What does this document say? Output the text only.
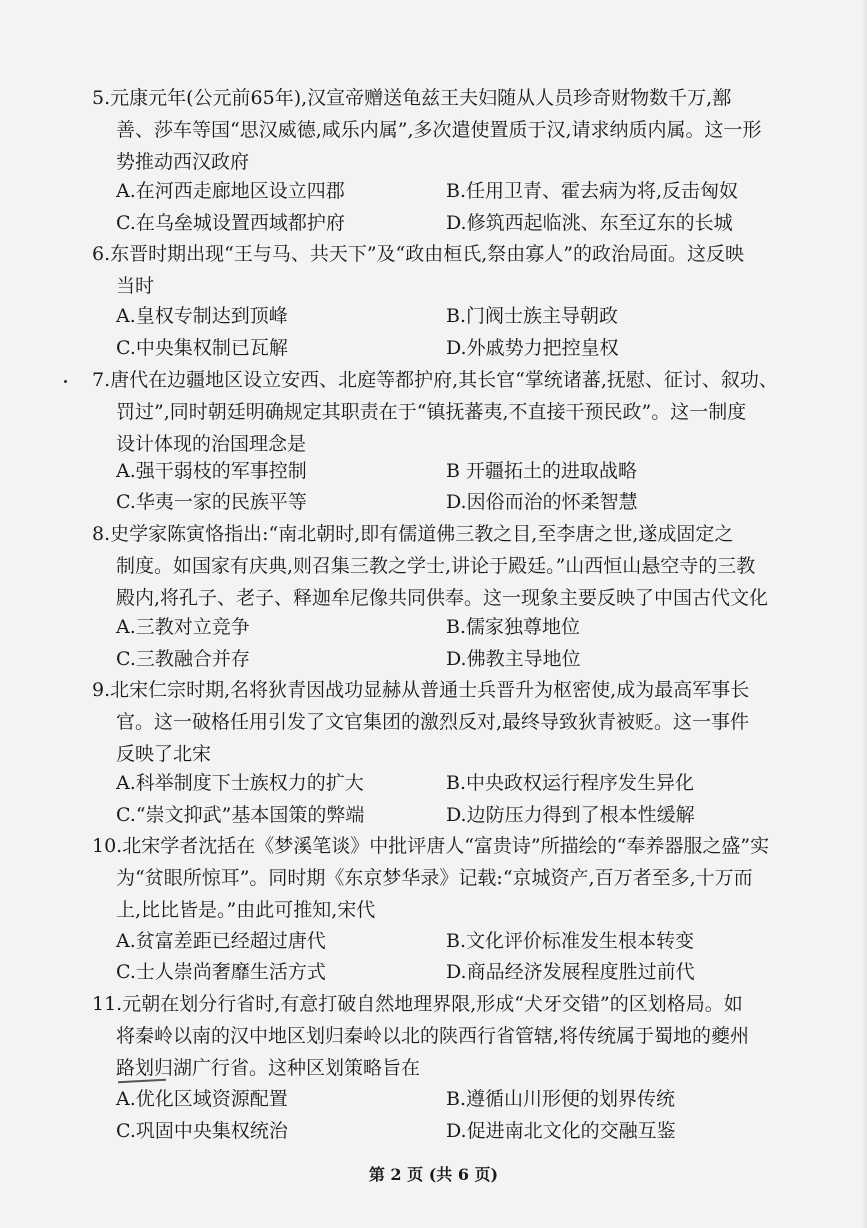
5.元康元年(公元前65年),汉宣帝赠送龟兹王夫妇随从人员珍奇财物数千万,鄯
善、莎车等国“思汉威德,咸乐内属”,多次遣使置质于汉,请求纳质内属。这一形
势推动西汉政府
A.在河西走廊地区设立四郡	B.任用卫青、霍去病为将,反击匈奴
C.在乌垒城设置西域都护府	D.修筑西起临洮、东至辽东的长城
6.东晋时期出现“王与马、共天下”及“政由桓氏,祭由寡人”的政治局面。这反映
当时
A.皇权专制达到顶峰	B.门阀士族主导朝政
C.中央集权制已瓦解	D.外戚势力把控皇权
7.唐代在边疆地区设立安西、北庭等都护府,其长官“掌统诸蕃,抚慰、征讨、叙功、
罚过”,同时朝廷明确规定其职责在于“镇抚蕃夷,不直接干预民政”。这一制度
设计体现的治国理念是
A.强干弱枝的军事控制	B 开疆拓土的进取战略
C.华夷一家的民族平等	D.因俗而治的怀柔智慧
8.史学家陈寅恪指出:“南北朝时,即有儒道佛三教之目,至李唐之世,遂成固定之
制度。如国家有庆典,则召集三教之学士,讲论于殿廷。”山西恒山悬空寺的三教
殿内,将孔子、老子、释迦牟尼像共同供奉。这一现象主要反映了中国古代文化
A.三教对立竞争	B.儒家独尊地位
C.三教融合并存	D.佛教主导地位
9.北宋仁宗时期,名将狄青因战功显赫从普通士兵晋升为枢密使,成为最高军事长
官。这一破格任用引发了文官集团的激烈反对,最终导致狄青被贬。这一事件
反映了北宋
A.科举制度下士族权力的扩大	B.中央政权运行程序发生异化
C.“崇文抑武”基本国策的弊端	D.边防压力得到了根本性缓解
10.北宋学者沈括在《梦溪笔谈》中批评唐人“富贵诗”所描绘的“奉养器服之盛”实
为“贫眼所惊耳”。同时期《东京梦华录》记载:“京城资产,百万者至多,十万而
上,比比皆是。”由此可推知,宋代
A.贫富差距已经超过唐代	B.文化评价标准发生根本转变
C.士人崇尚奢靡生活方式	D.商品经济发展程度胜过前代
11.元朝在划分行省时,有意打破自然地理界限,形成“犬牙交错”的区划格局。如
将秦岭以南的汉中地区划归秦岭以北的陕西行省管辖,将传统属于蜀地的夔州
路划归湖广行省。这种区划策略旨在
A.优化区域资源配置	B.遵循山川形便的划界传统
C.巩固中央集权统治	D.促进南北文化的交融互鉴
第 2 页 (共 6 页)
